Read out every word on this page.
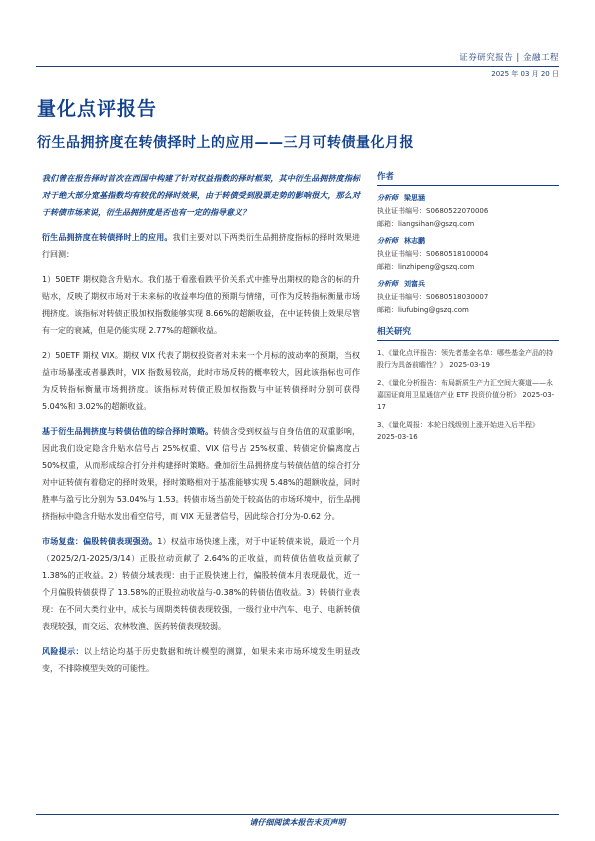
证券研究报告 | 金融工程
2025 年 03 月 20 日
量化点评报告
衍生品拥挤度在转债择时上的应用——三月可转债量化月报

我们曾在报告择时首次在西国中构建了针对权益指数的择时框架，其中衍生品拥挤度指标对于绝大部分宽基指数均有较优的择时效果，由于转债受到股票走势的影响很大，那么对于转债市场来说，衍生品拥挤度是否也有一定的指导意义？

衍生品拥挤度在转债择时上的应用。我们主要对以下两类衍生品拥挤度指标的择时效果进行回测：

1）50ETF 期权隐含升贴水。我们基于看涨看跌平价关系式中推导出期权的隐含的标的升贴水，反映了期权市场对于未来标的收益率均值的预期与情绪，可作为反转指标衡量市场拥挤度。该指标对转债正股加权指数能够实现 8.66%的超额收益，在中证转债上效果尽管有一定的衰减，但是仍能实现 2.77%的超额收益。

2）50ETF 期权 VIX。期权 VIX 代表了期权投资者对未来一个月标的波动率的预期，当权益市场暴涨或者暴跌时，VIX 指数易较高，此时市场反转的概率较大，因此该指标也可作为反转指标衡量市场拥挤度。该指标对转债正股加权指数与中证转债择时分别可获得 5.04%和 3.02%的超额收益。

基于衍生品拥挤度与转债估值的综合择时策略。转债含受到权益与自身估值的双重影响，因此我们设定隐含升贴水信号占 25%权重、VIX 信号占 25%权重、转债定价偏离度占 50%权重，从而形成综合打分并构建择时策略。叠加衍生品拥挤度与转债估值的综合打分对中证转债有着稳定的择时效果，择时策略相对于基准能够实现 5.48%的超额收益，同时胜率与盈亏比分别为 53.04%与 1.53。转债市场当前处于较高估的市场环境中，衍生品拥挤指标中隐含升贴水发出看空信号，而 VIX 无显著信号，因此综合打分为-0.62 分。

市场复盘：偏股转债表现强劲。1）权益市场快速上涨，对于中证转债来说，最近一个月（2025/2/1-2025/3/14）正股拉动贡献了 2.64%的正收益，而转债估值收益贡献了 1.38%的正收益。2）转债分域表现：由于正股快速上行，偏股转债本月表现最优，近一个月偏股转债获得了 13.58%的正股拉动收益与-0.38%的转债估值收益。3）转债行业表现：在不同大类行业中，成长与周期类转债表现较强，一级行业中汽车、电子、电新转债表现较强，而交运、农林牧渔、医药转债表现较弱。

风险提示：以上结论均基于历史数据和统计模型的测算，如果未来市场环境发生明显改变，不排除模型失效的可能性。

作者
分析师 梁思涵
执业证书编号：S0680522070006
邮箱：liangsihan@gszq.com
分析师 林志鹏
执业证书编号：S0680518100004
邮箱：linzhipeng@gszq.com
分析师 刘富兵
执业证书编号：S0680518030007
邮箱：liufubing@gszq.com
相关研究
1、《量化点评报告：领先者基金名单：哪些基金产品的持股行为具备前瞻性？》 2025-03-19
2、《量化分析报告：布局新质生产力汇空间大赛道——永嘉国证商用卫星通信产业 ETF 投资价值分析》 2025-03-17
3、《量化周报：本轮日线级别上涨开始进入后半程》 2025-03-16
请仔细阅读本报告末页声明
